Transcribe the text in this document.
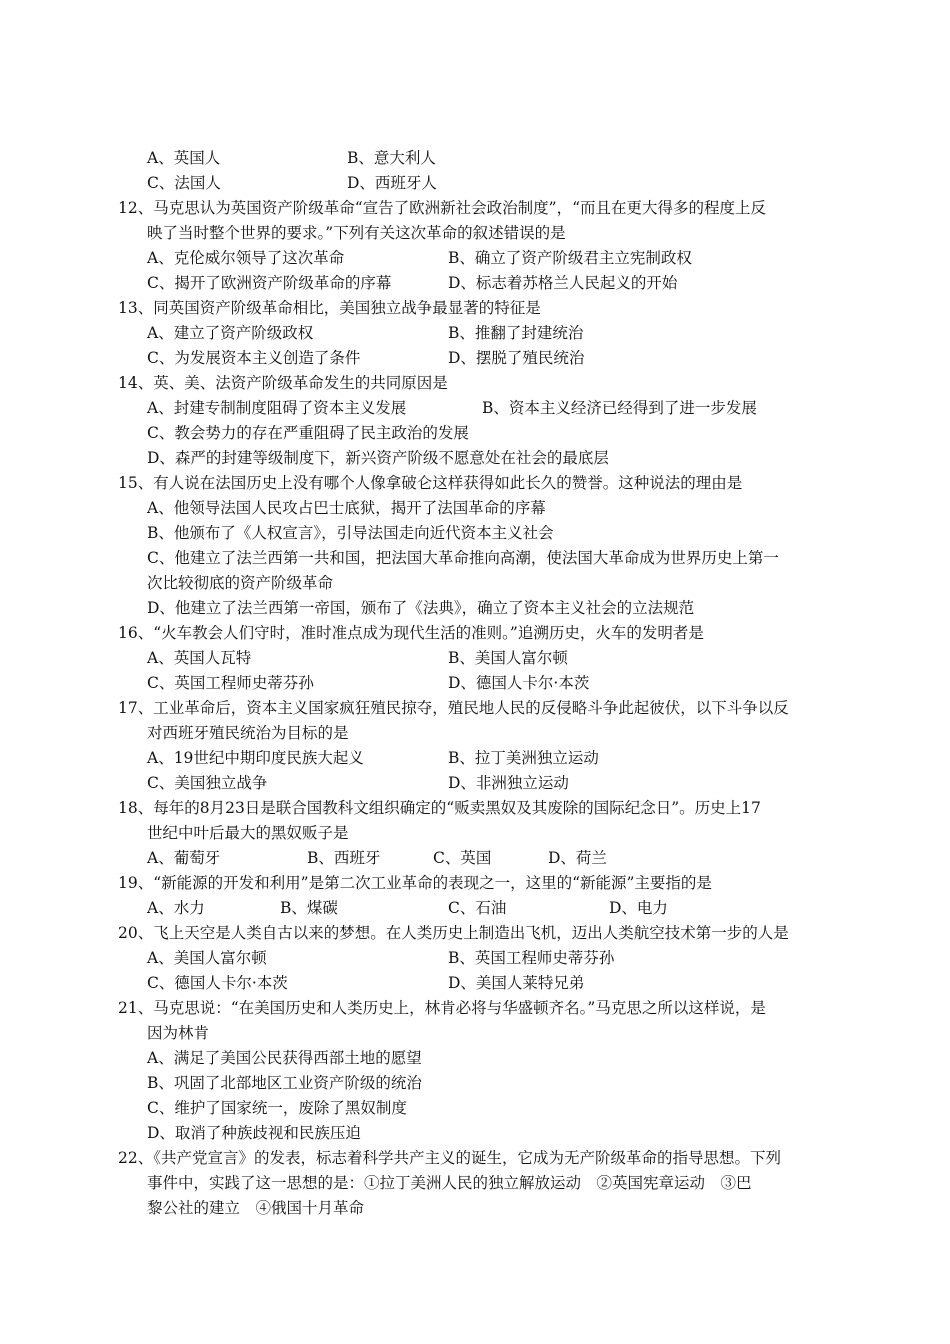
A、英国人	B、意大利人
C、法国人	D、西班牙人
12、马克思认为英国资产阶级革命“宣告了欧洲新社会政治制度”，“而且在更大得多的程度上反
映了当时整个世界的要求。”下列有关这次革命的叙述错误的是
A、克伦威尔领导了这次革命	B、确立了资产阶级君主立宪制政权
C、揭开了欧洲资产阶级革命的序幕	D、标志着苏格兰人民起义的开始
13、同英国资产阶级革命相比，美国独立战争最显著的特征是
A、建立了资产阶级政权	B、推翻了封建统治
C、为发展资本主义创造了条件	D、摆脱了殖民统治
14、英、美、法资产阶级革命发生的共同原因是
A、封建专制制度阻碍了资本主义发展	B、资本主义经济已经得到了进一步发展
C、教会势力的存在严重阻碍了民主政治的发展
D、森严的封建等级制度下，新兴资产阶级不愿意处在社会的最底层
15、有人说在法国历史上没有哪个人像拿破仑这样获得如此长久的赞誉。这种说法的理由是
A、他领导法国人民攻占巴士底狱，揭开了法国革命的序幕
B、他颁布了《人权宣言》，引导法国走向近代资本主义社会
C、他建立了法兰西第一共和国，把法国大革命推向高潮，使法国大革命成为世界历史上第一
次比较彻底的资产阶级革命
D、他建立了法兰西第一帝国，颁布了《法典》，确立了资本主义社会的立法规范
16、“火车教会人们守时，准时准点成为现代生活的准则。”追溯历史，火车的发明者是
A、英国人瓦特	B、美国人富尔顿
C、英国工程师史蒂芬孙	D、德国人卡尔·本茨
17、工业革命后，资本主义国家疯狂殖民掠夺，殖民地人民的反侵略斗争此起彼伏，以下斗争以反
对西班牙殖民统治为目标的是
A、19世纪中期印度民族大起义	B、拉丁美洲独立运动
C、美国独立战争	D、非洲独立运动
18、每年的8月23日是联合国教科文组织确定的“贩卖黑奴及其废除的国际纪念日”。历史上17
世纪中叶后最大的黑奴贩子是
A、葡萄牙	B、西班牙	C、英国	D、荷兰
19、“新能源的开发和利用”是第二次工业革命的表现之一，这里的“新能源”主要指的是
A、水力	B、煤碳	C、石油	D、电力
20、飞上天空是人类自古以来的梦想。在人类历史上制造出飞机，迈出人类航空技术第一步的人是
A、美国人富尔顿	B、英国工程师史蒂芬孙
C、德国人卡尔·本茨	D、美国人莱特兄弟
21、马克思说：“在美国历史和人类历史上，林肯必将与华盛顿齐名。”马克思之所以这样说，是
因为林肯
A、满足了美国公民获得西部土地的愿望
B、巩固了北部地区工业资产阶级的统治
C、维护了国家统一，废除了黑奴制度
D、取消了种族歧视和民族压迫
22、《共产党宣言》的发表，标志着科学共产主义的诞生，它成为无产阶级革命的指导思想。下列
事件中，实践了这一思想的是：①拉丁美洲人民的独立解放运动　②英国宪章运动　③巴
黎公社的建立　④俄国十月革命
